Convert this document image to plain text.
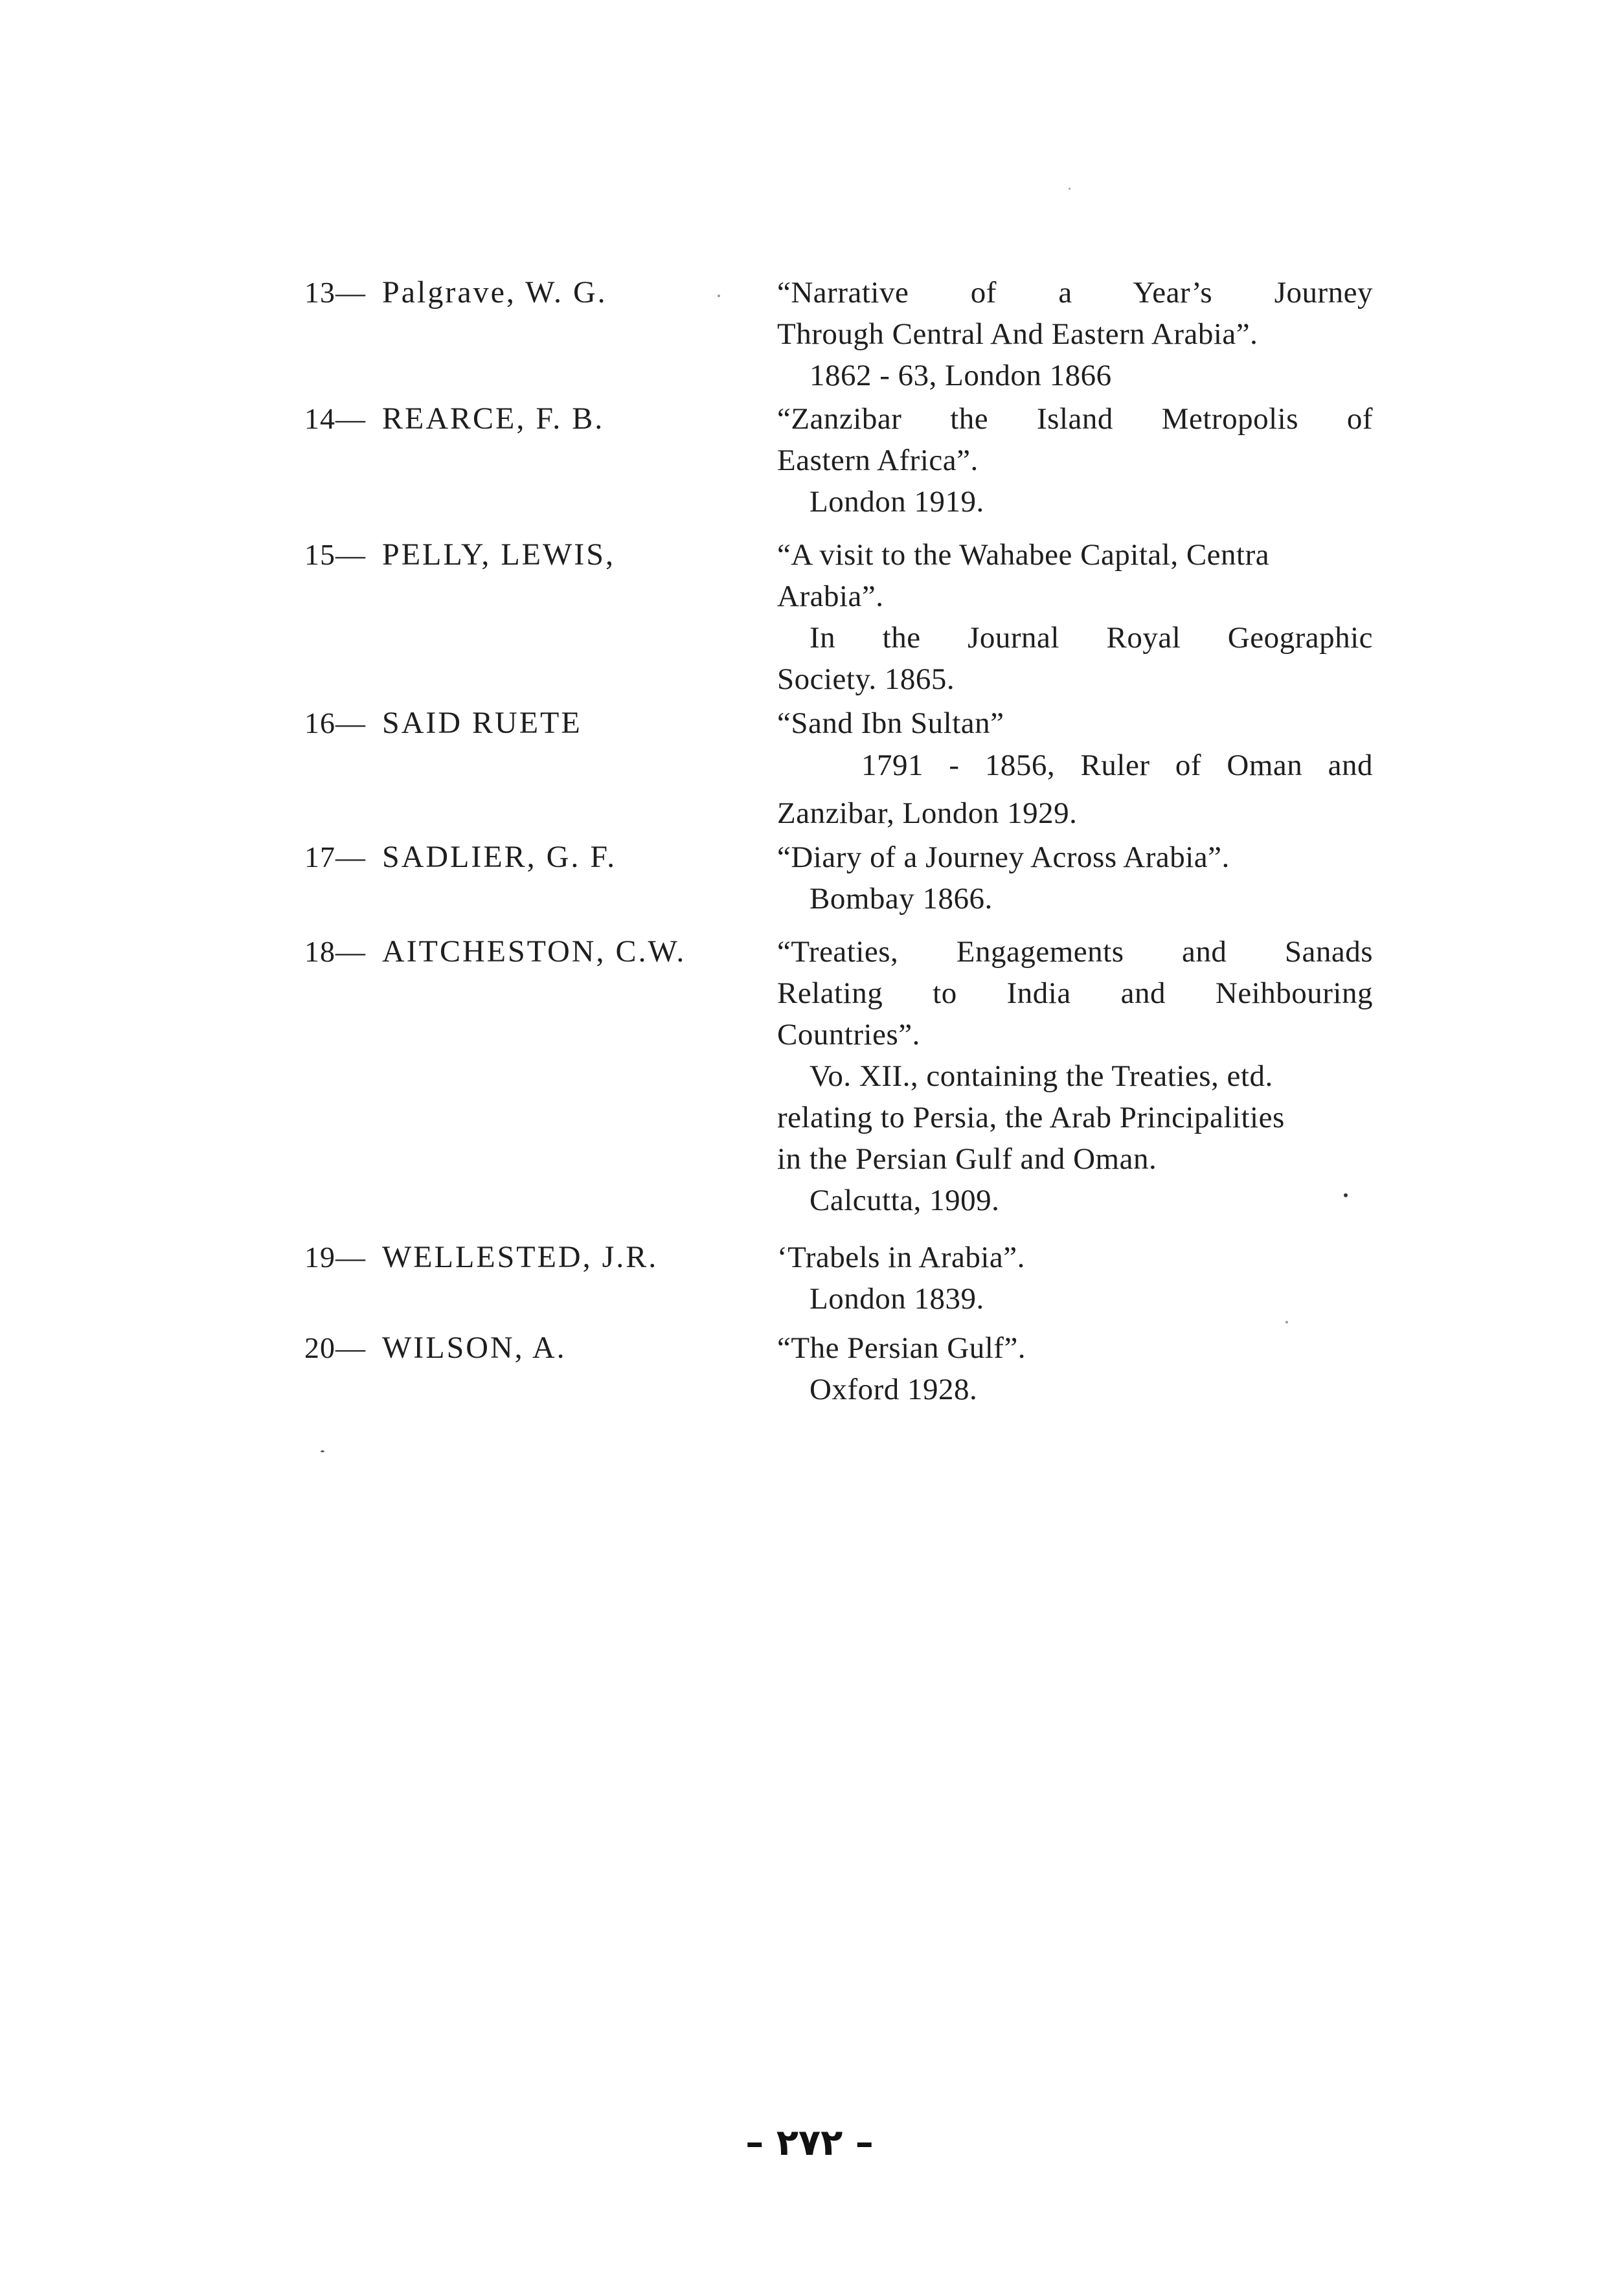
13— Palgrave, W. G.	“Narrative of a Year’s Journey
Through Central And Eastern Arabia”.
1862 - 63, London 1866
14— REARCE, F. B.	“Zanzibar the Island Metropolis of
Eastern Africa”.
London 1919.
15— PELLY, LEWIS,	“A visit to the Wahabee Capital, Centra
Arabia”.
In the Journal Royal Geographic
Society. 1865.
16— SAID RUETE	“Sand Ibn Sultan”
1791 - 1856, Ruler of Oman and
Zanzibar, London 1929.
17— SADLIER, G. F.	“Diary of a Journey Across Arabia”.
Bombay 1866.
18— AITCHESTON, C.W.	“Treaties, Engagements and Sanads
Relating to India and Neihbouring
Countries”.
Vo. XII., containing the Treaties, etd.
relating to Persia, the Arab Principalities
in the Persian Gulf and Oman.
Calcutta, 1909.
19— WELLESTED, J.R.	‘Trabels in Arabia”.
London 1839.
20— WILSON, A.	“The Persian Gulf”.
Oxford 1928.
– ٢٧٢ –
